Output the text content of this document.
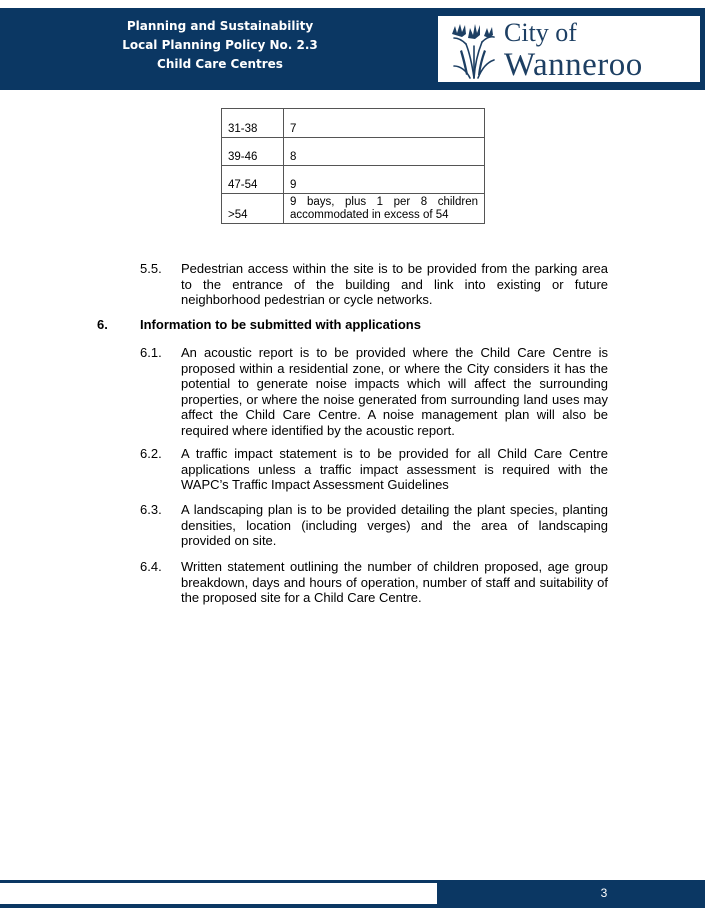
Planning and Sustainability
Local Planning Policy No. 2.3
Child Care Centres
City of
Wanneroo
31-38	7
39-46	8
47-54	9
>54	9 bays, plus 1 per 8 children accommodated in excess of 54
5.5. Pedestrian access within the site is to be provided from the parking area to the entrance of the building and link into existing or future neighborhood pedestrian or cycle networks.
6. Information to be submitted with applications
6.1. An acoustic report is to be provided where the Child Care Centre is proposed within a residential zone, or where the City considers it has the potential to generate noise impacts which will affect the surrounding properties, or where the noise generated from surrounding land uses may affect the Child Care Centre. A noise management plan will also be required where identified by the acoustic report.
6.2. A traffic impact statement is to be provided for all Child Care Centre applications unless a traffic impact assessment is required with the WAPC’s Traffic Impact Assessment Guidelines
6.3. A landscaping plan is to be provided detailing the plant species, planting densities, location (including verges) and the area of landscaping provided on site.
6.4. Written statement outlining the number of children proposed, age group breakdown, days and hours of operation, number of staff and suitability of the proposed site for a Child Care Centre.
3
